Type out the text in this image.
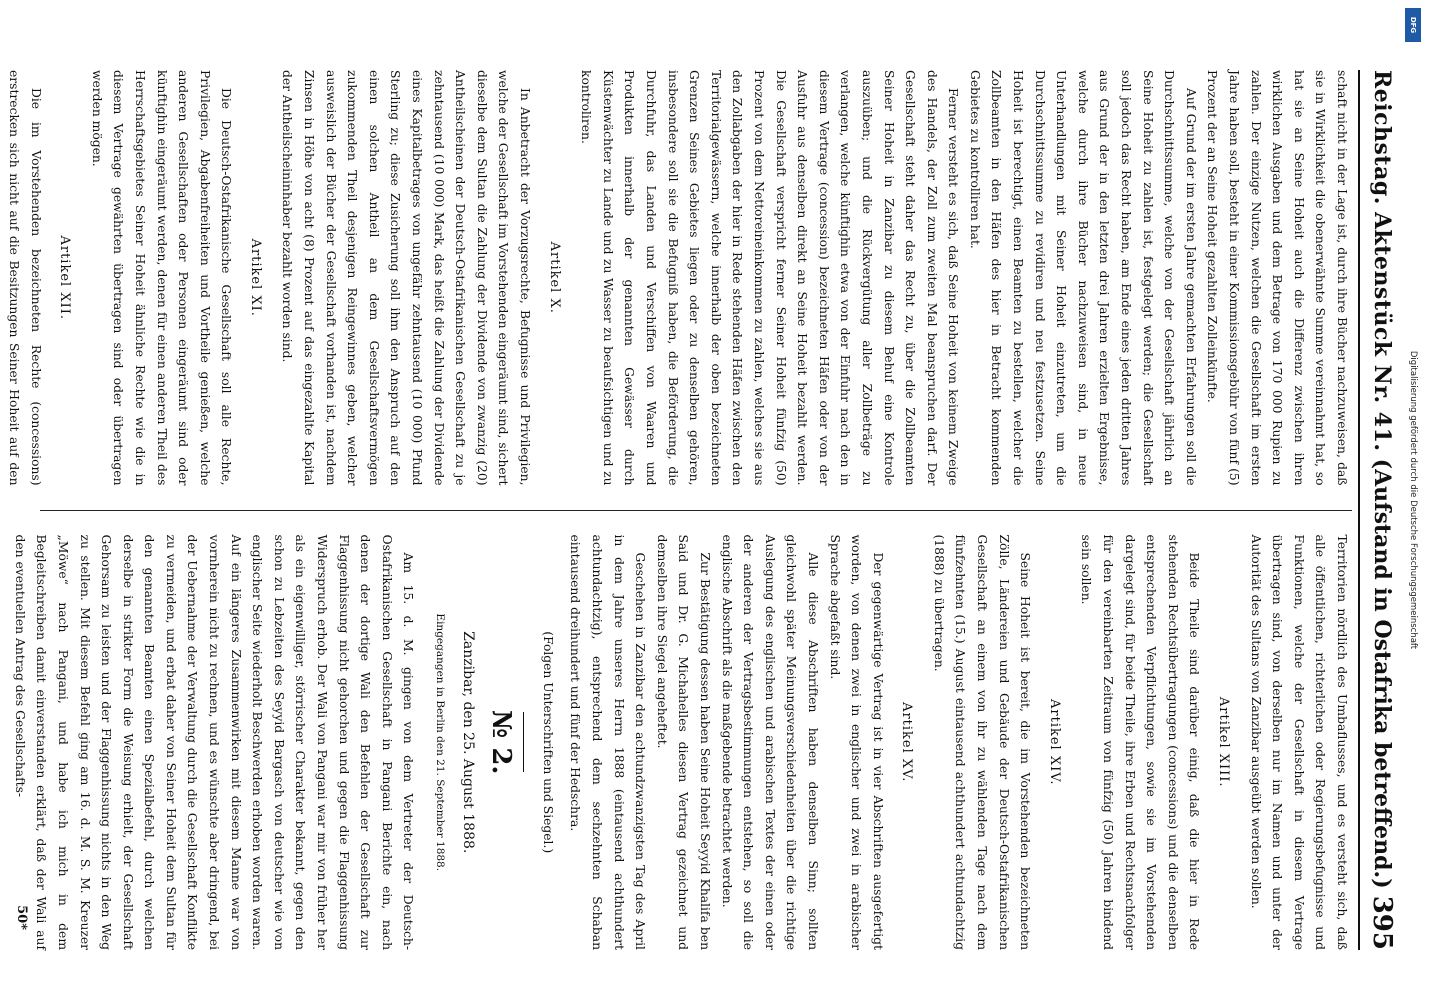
Reichstag.
Aktenstück Nr. 41.
(Aufstand in Ostafrika betreffend.)
395

schaft nicht in der Lage ist, durch ihre Bücher nachzuweisen, daß sie in Wirklichkeit die obenerwähnte Summe vereinnahmt hat, so hat sie an Seine Hoheit auch die Differenz zwischen ihren wirklichen Ausgaben und dem Betrage von 170 000 Rupien zu zahlen. Der einzige Nutzen, welchen die Gesellschaft im ersten Jahre haben soll, besteht in einer Kommissionsgebühr von fünf (5) Prozent der an Seine Hoheit gezahlten Zolleinkünfte.

Auf Grund der im ersten Jahre gemachten Erfahrungen soll die Durchschnittssumme, welche von der Gesellschaft jährlich an Seine Hoheit zu zahlen ist, festgelegt werden; die Gesellschaft soll jedoch das Recht haben, am Ende eines jeden dritten Jahres aus Grund der in den letzten drei Jahren erzielten Ergebnisse, welche durch ihre Bücher nachzuweisen sind, in neue Unterhandlungen mit Seiner Hoheit einzutreten, um die Durchschnittssumme zu revidiren und neu festzusetzen. Seine Hoheit ist berechtigt, einen Beamten zu bestellen, welcher die Zollbeamten in den Häfen des hier in Betracht kommenden Gebietes zu kontrolliren hat.

Ferner versteht es sich, daß Seine Hoheit von keinem Zweige des Handels, der Zoll zum zweiten Mal beanspruchen darf. Der Gesellschaft steht daher das Recht zu, über die Zollbeamten Seiner Hoheit in Zanzibar zu diesem Behuf eine Kontrole auszuüben; und die Rückvergütung aller Zollbeträge zu verlangen, welche künftighin etwa von der Einfuhr nach den in diesem Vertrage (concession) bezeichneten Häfen oder von der Ausfuhr aus denselben direkt an Seine Hoheit bezahlt werden. Die Gesellschaft verspricht ferner Seiner Hoheit fünfzig (50) Prozent von dem Nettoreineinkommen zu zahlen, welches sie aus den Zollabgaben der hier in Rede stehenden Häfen zwischen den Territorialgewässern, welche innerhalb der oben bezeichneten Grenzen Seines Gebietes liegen oder zu denselben gehören, insbesondere soll sie die Befugniß haben, die Beförderung, die Durchfuhr, das Landen und Verschiffen von Waaren und Produkten innerhalb der genannten Gewässer durch Küstenwächter zu Lande und zu Wasser zu beaufsichtigen und zu kontroliren.

Artikel X.

In Anbetracht der Vorzugsrechte, Befugnisse und Privilegien, welche der Gesellschaft im Vorstehenden eingeräumt sind, sichert dieselbe dem Sultan die Zahlung der Dividende von zwanzig (20) Antheilscheinen der Deutsch-Ostafrikanischen Gesellschaft zu je zehntausend (10 000) Mark, das heißt die Zahlung der Dividende eines Kapitalbetrages von ungefähr zehntausend (10 000) Pfund Sterling zu; diese Zusicherung soll ihm den Anspruch auf den einen solchen Antheil an dem Gesellschaftsvermögen zukommenden Theil desjenigen Reingewinnes geben, welcher ausweislich der Bücher der Gesellschaft vorhanden ist, nachdem Zinsen in Höhe von acht (8) Prozent auf das eingezahlte Kapital der Antheilscheininhaber bezahlt worden sind.

Artikel XI.

Die Deutsch-Ostafrikanische Gesellschaft soll alle Rechte, Privilegien, Abgabenfreiheiten und Vortheile genießen, welche anderen Gesellschaften oder Personen eingeräumt sind oder künftighin eingeräumt werden, denen für einen anderen Theil des Herrschaftsgebietes Seiner Hoheit ähnliche Rechte wie die in diesem Vertrage gewährten übertragen sind oder übertragen werden mögen.

Artikel XII.

Die im Vorstehenden bezeichneten Rechte (concessions) erstrecken sich nicht auf die Besitzungen Seiner Hoheit auf den

Territorien nördlich des Umbaflusses, und es versteht sich, daß alle öffentlichen, richterlichen oder Regierungsbefugnisse und Funktionen, welche der Gesellschaft in diesem Vertrage übertragen sind, von derselben nur im Namen und unter der Autorität des Sultans von Zanzibar ausgeübt werden sollen.

Artikel XIII.

Beide Theile sind darüber einig, daß die hier in Rede stehenden Rechtsübertragungen (concessions) und die denselben entsprechenden Verpflichtungen, sowie sie im Vorstehenden dargelegt sind, für beide Theile, ihre Erben und Rechtsnachfolger für den vereinbarten Zeitraum von fünfzig (50) Jahren bindend sein sollen.

Artikel XIV.

Seine Hoheit ist bereit, die im Vorstehenden bezeichneten Zölle, Ländereien und Gebäude der Deutsch-Ostafrikanischen Gesellschaft an einem von ihr zu wählenden Tage nach dem fünfzehnten (15.) August eintausend achthundert achtundachtzig (1888) zu übertragen.

Artikel XV.

Der gegenwärtige Vertrag ist in vier Abschriften ausgefertigt worden, von denen zwei in englischer und zwei in arabischer Sprache abgefaßt sind.

Alle diese Abschriften haben denselben Sinn; sollten gleichwohl später Meinungsverschiedenheiten über die richtige Auslegung des englischen und arabischen Textes der einen oder der anderen der Vertragsbestimmungen entstehen, so soll die englische Abschrift als die maßgebende betrachtet werden.

Zur Bestätigung dessen haben Seine Hoheit Seyyid Khalifa ben Said und Dr. G. Michahelles diesen Vertrag gezeichnet und demselben ihre Siegel angeheftet.

Geschehen in Zanzibar den achtundzwanzigsten Tag des April in dem Jahre unseres Herrn 1888 (eintausend achthundert achtundachtzig), entsprechend dem sechzehnten Schaban eintausend dreihundert und fünf der Hedschra.

(Folgen Unterschriften und Siegel.)
№ 2.
Zanzibar, den 25. August 1888.
Eingegangen in Berlin den 21. September 1888.

Am 15. d. M. gingen von dem Vertreter der Deutsch-Ostafrikanischen Gesellschaft in Pangani Berichte ein, nach denen der dortige Wali den Befehlen der Gesellschaft zur Flaggenhissung nicht gehorchen und gegen die Flaggenhissung Widerspruch erhob. Der Wali von Pangani war mir von früher her als ein eigenwilliger, störrischer Charakter bekannt, gegen den schon zu Lebzeiten des Seyyid Bargasch von deutscher wie von englischer Seite wiederholt Beschwerden erhoben worden waren. Auf ein längeres Zusammenwirken mit diesem Manne war von vornherein nicht zu rechnen, und es wünschte aber dringend, bei der Uebernahme der Verwaltung durch die Gesellschaft Konflikte zu vermeiden, und erbat daher von Seiner Hoheit dem Sultan für den genannten Beamten einen Spezialbefehl, durch welchen derselbe in strikter Form die Weisung erhielt, der Gesellschaft Gehorsam zu leisten und der Flaggenhissung nichts in den Weg zu stellen. Mit diesem Befehl ging am 16. d. M. S. M. Kreuzer „Möwe“ nach Pangani, und habe ich mich in dem Begleitschreiben damit einverstanden erklärt, daß der Wali auf den eventuellen Antrag des Gesellschafts-

50*
DFG
Digitalisierung gefördert durch die Deutsche Forschungsgemeinschaft
